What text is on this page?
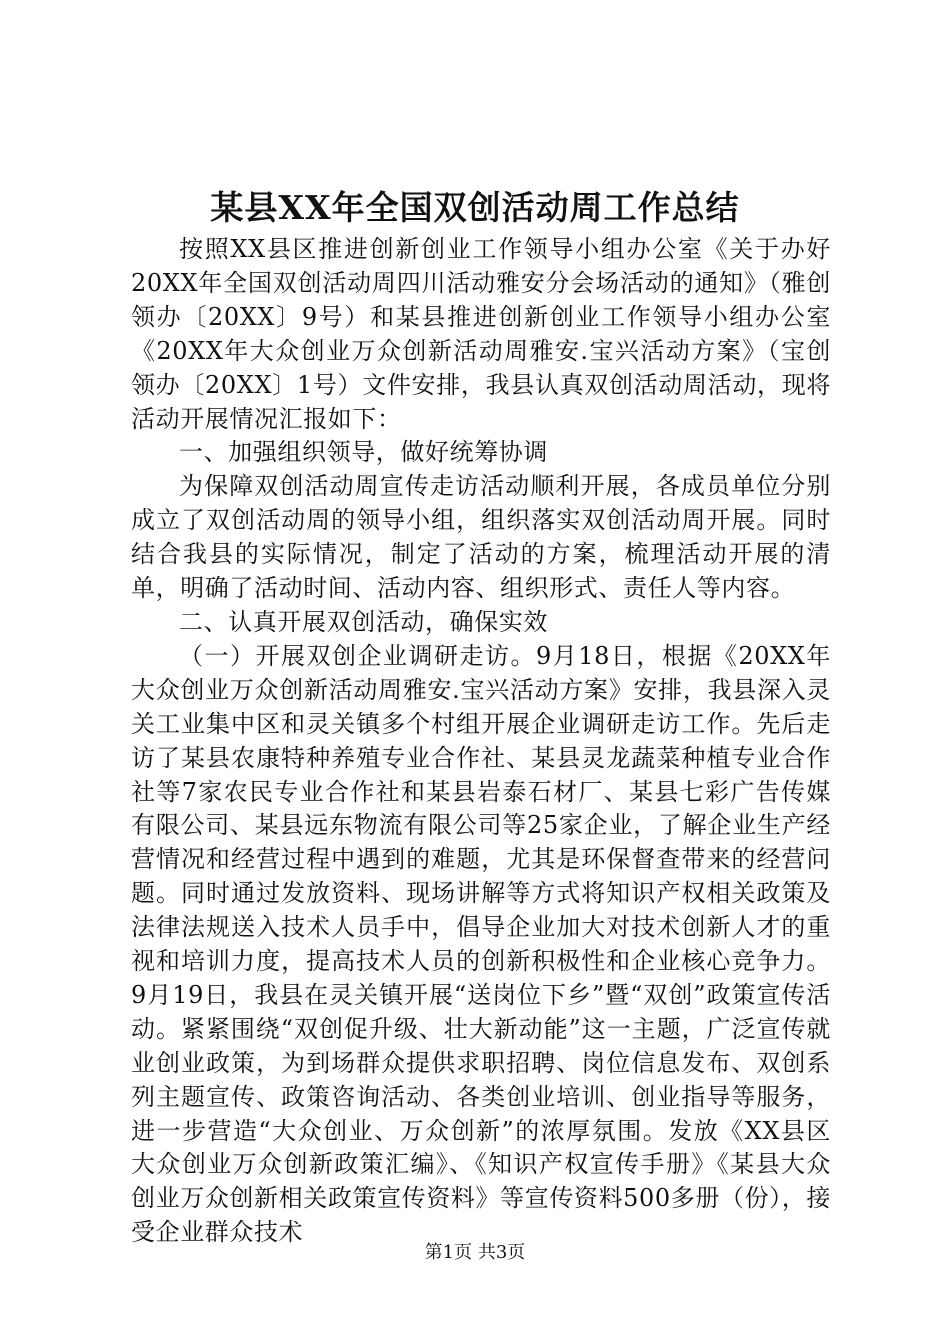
某县XX年全国双创活动周工作总结

按照XX县区推进创新创业工作领导小组办公室《关于办好20XX年全国双创活动周四川活动雅安分会场活动的通知》（雅创领办〔20XX〕9号）和某县推进创新创业工作领导小组办公室《20XX年大众创业万众创新活动周雅安.宝兴活动方案》（宝创领办〔20XX〕1号）文件安排，我县认真双创活动周活动，现将活动开展情况汇报如下：

一、加强组织领导，做好统筹协调

为保障双创活动周宣传走访活动顺利开展，各成员单位分别成立了双创活动周的领导小组，组织落实双创活动周开展。同时结合我县的实际情况，制定了活动的方案，梳理活动开展的清单，明确了活动时间、活动内容、组织形式、责任人等内容。

二、认真开展双创活动，确保实效

（一）开展双创企业调研走访。9月18日，根据《20XX年大众创业万众创新活动周雅安.宝兴活动方案》安排，我县深入灵关工业集中区和灵关镇多个村组开展企业调研走访工作。先后走访了某县农康特种养殖专业合作社、某县灵龙蔬菜种植专业合作社等7家农民专业合作社和某县岩泰石材厂、某县七彩广告传媒有限公司、某县远东物流有限公司等25家企业，了解企业生产经营情况和经营过程中遇到的难题，尤其是环保督查带来的经营问题。同时通过发放资料、现场讲解等方式将知识产权相关政策及法律法规送入技术人员手中，倡导企业加大对技术创新人才的重视和培训力度，提高技术人员的创新积极性和企业核心竞争力。9月19日，我县在灵关镇开展“送岗位下乡”暨“双创”政策宣传活动。紧紧围绕“双创促升级、壮大新动能”这一主题，广泛宣传就业创业政策，为到场群众提供求职招聘、岗位信息发布、双创系列主题宣传、政策咨询活动、各类创业培训、创业指导等服务，进一步营造“大众创业、万众创新”的浓厚氛围。发放《XX县区大众创业万众创新政策汇编》、《知识产权宣传手册》《某县大众创业万众创新相关政策宣传资料》等宣传资料500多册（份），接受企业群众技术

第1页 共3页
